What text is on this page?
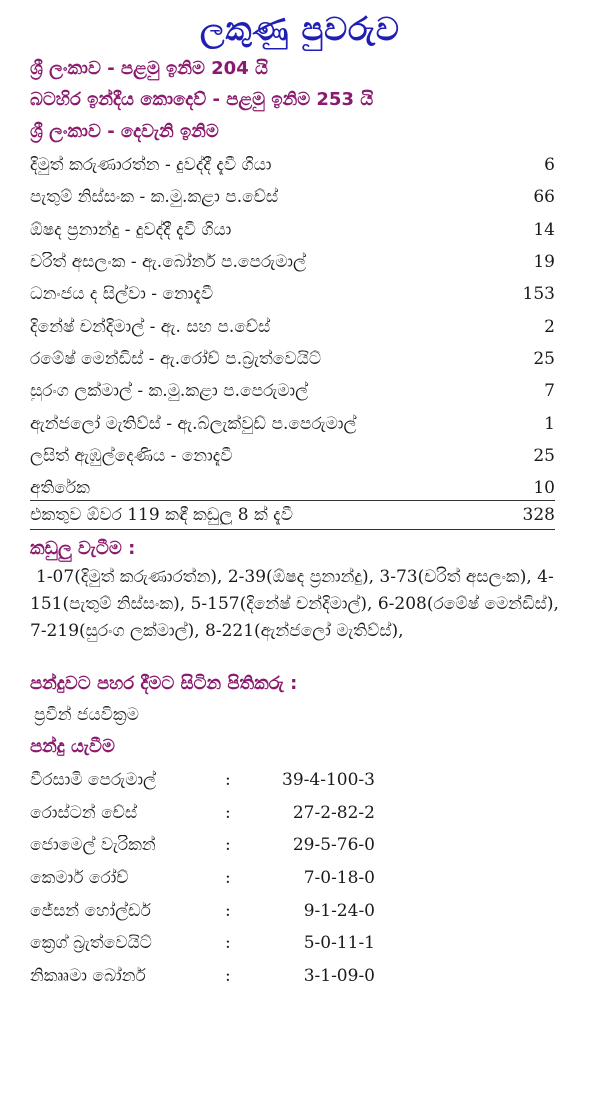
ලකුණු පුවරුව
ශ්‍රී ලංකාව - පළමු ඉනිම 204 යි
බටහිර ඉන්දීය කොදෙව් - පළමු ඉනිම 253 යි
ශ්‍රී ලංකාව - දෙවැනි ඉනිම
දිමුත් කරුණාරත්න - දුවද්දී දැවී ගියා	6
පැතුම් නිස්සංක - ක.මු.කළා ප.චේස්	66
ඕෂද ප්‍රනාන්දු - දුවද්දී දැවී ගියා	14
චරිත් අසලංක - ඇ.බෝනර් ප.පෙරුමාල්	19
ධනංජය ද සිල්වා - නොදැවී	153
දිනේෂ් චන්දිමාල් - ඇ. සහ ප.චේස්	2
රමේෂ් මෙන්ඩිස් - ඇ.රෝච් ප.බ්‍රැත්වෙයිට්	25
සුරංග ලක්මාල් - ක.මු.කළා ප.පෙරුමාල්	7
ඇන්ජලෝ මැතිව්ස් - ඇ.බ්ලැක්වුඩ් ප.පෙරුමාල්	1
ලසිත් ඇඹුල්දෙණිය - නොදැවී	25
අතිරේක	10
එකතුව ඕවර 119 කඳී කඩුලු 8 ක් දැවී	328
කඩුලු වැටීම :
1-07(දිමුත් කරුණාරත්න), 2-39(ඕෂද ප්‍රනාන්දු), 3-73(චරිත් අසලංක), 4-151(පැතුම් නිස්සංක), 5-157(දිනේෂ් චන්දිමාල්), 6-208(රමේෂ් මෙන්ඩිස්), 7-219(සුරංග ලක්මාල්), 8-221(ඇන්ජලෝ මැතිව්ස්),
පන්දුවට පහර දීමට සිටින පිතිකරු :
ප්‍රවීන් ජයවික්‍රම
පන්දු යැවීම
වීරසාමි පෙරුමාල්	:	39-4-100-3
රොස්ටන් චේස්	:	27-2-82-2
ජොමෙල් වැරිකන්	:	29-5-76-0
කෙමාර් රෝච්	:	7-0-18-0
ජේසන් හෝල්ඩර්	:	9-1-24-0
ක්‍රෙග් බ්‍රැත්වෙයිට්	:	5-0-11-1
නික්‍රූමා බෝනර්	:	3-1-09-0
